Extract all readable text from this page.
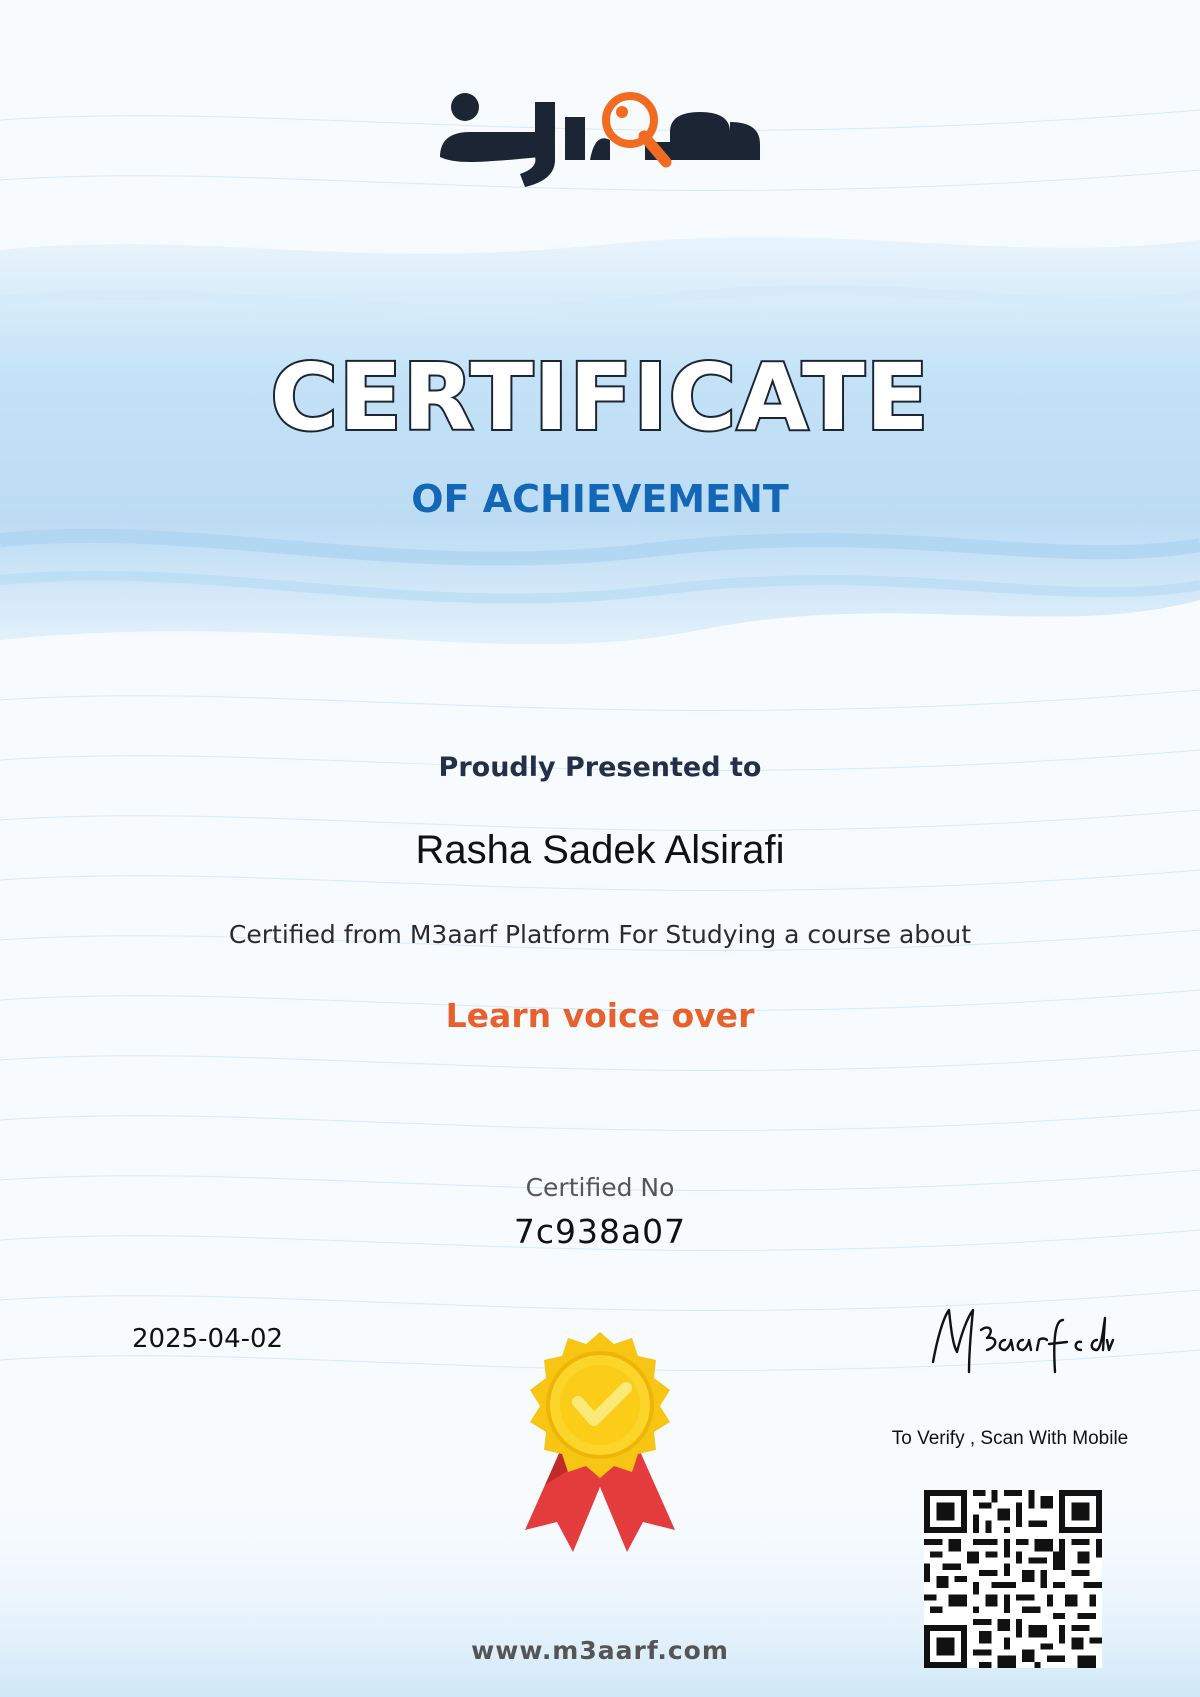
CERTIFICATE
OF ACHIEVEMENT
Proudly Presented to
Rasha Sadek Alsirafi
Certified from M3aarf Platform For Studying a course about
Learn voice over
Certified No
7c938a07
2025-04-02
To Verify , Scan With Mobile
www.m3aarf.com
